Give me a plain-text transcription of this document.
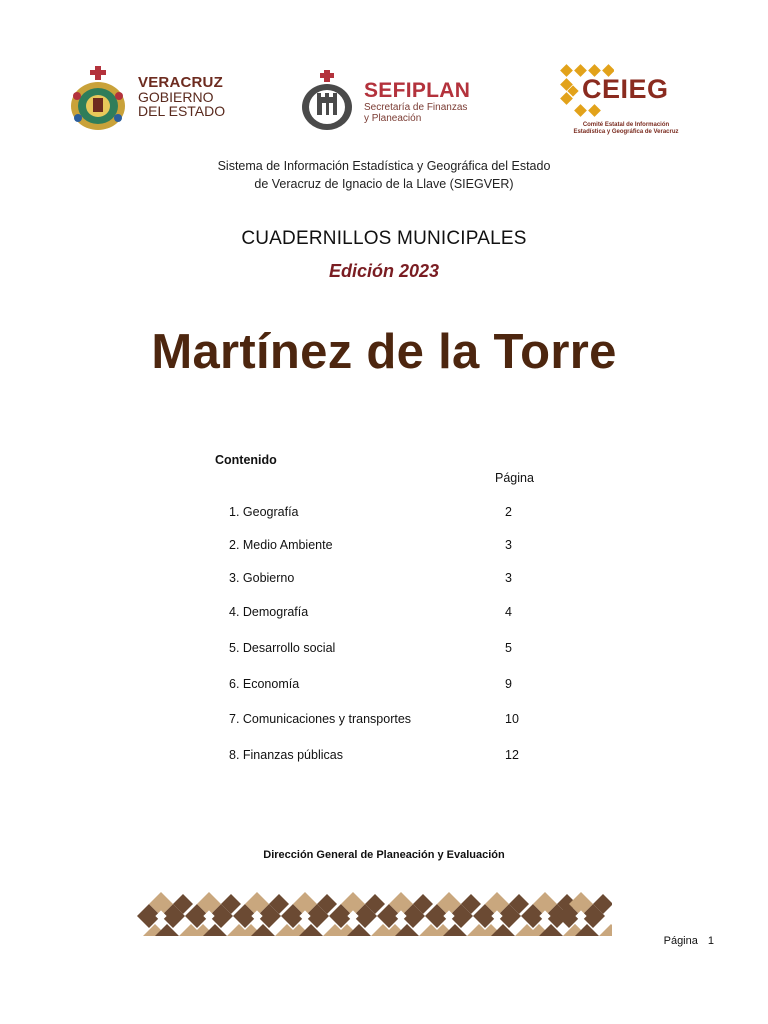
VERACRUZ
GOBIERNO
DEL ESTADO
SEFIPLAN
Secretaría de Finanzas
y Planeación
CEIEG
Comité Estatal de Información
Estadística y Geográfica de Veracruz
Sistema de Información Estadística y Geográfica del Estado
de Veracruz de Ignacio de la Llave (SIEGVER)
CUADERNILLOS MUNICIPALES
Edición 2023
Martínez de la Torre
Contenido
Página
1. Geografía	2
2. Medio Ambiente	3
3. Gobierno	3
4. Demografía	4
5. Desarrollo social	5
6. Economía	9
7. Comunicaciones y transportes	10
8. Finanzas públicas	12
Dirección General de Planeación y Evaluación
Página 1
